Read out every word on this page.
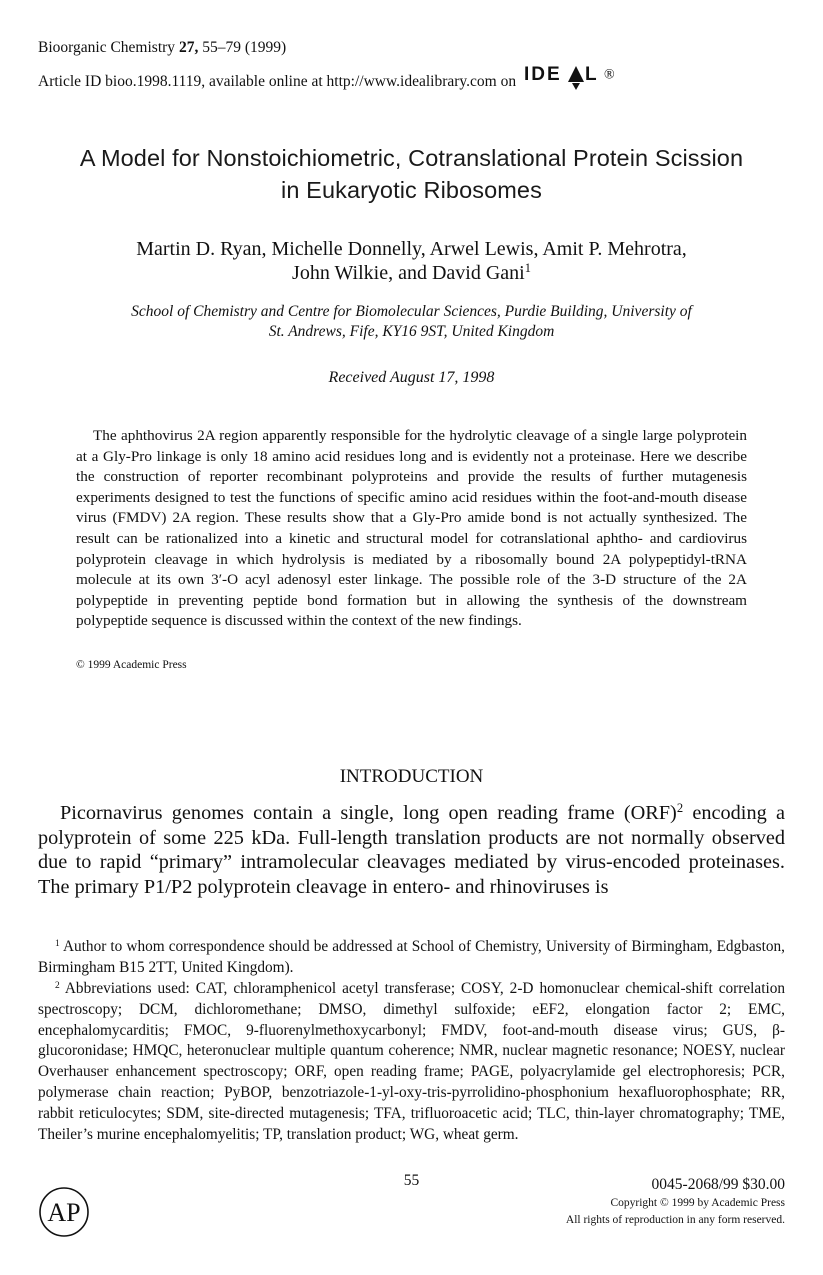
Bioorganic Chemistry 27, 55–79 (1999)
Article ID bioo.1998.1119, available online at http://www.idealibrary.com on IDE L ®
A Model for Nonstoichiometric, Cotranslational Protein Scission
in Eukaryotic Ribosomes
Martin D. Ryan, Michelle Donnelly, Arwel Lewis, Amit P. Mehrotra,
John Wilkie, and David Gani$^1$
School of Chemistry and Centre for Biomolecular Sciences, Purdie Building, University of
St. Andrews, Fife, KY16 9ST, United Kingdom
Received August 17, 1998
The aphthovirus 2A region apparently responsible for the hydrolytic cleavage of a single large polyprotein at a Gly-Pro linkage is only 18 amino acid residues long and is evidently not a proteinase. Here we describe the construction of reporter recombinant polyproteins and provide the results of further mutagenesis experiments designed to test the functions of specific amino acid residues within the foot-and-mouth disease virus (FMDV) 2A region. These results show that a Gly-Pro amide bond is not actually synthesized. The result can be rationalized into a kinetic and structural model for cotranslational aphtho- and cardiovirus polyprotein cleavage in which hydrolysis is mediated by a ribosomally bound 2A polypeptidyl-tRNA molecule at its own 3′-O acyl adenosyl ester linkage. The possible role of the 3-D structure of the 2A polypeptide in preventing peptide bond formation but in allowing the synthesis of the downstream polypeptide sequence is discussed within the context of the new findings.
© 1999 Academic Press
INTRODUCTION
Picornavirus genomes contain a single, long open reading frame (ORF)$^2$ encoding a polyprotein of some 225 kDa. Full-length translation products are not normally observed due to rapid “primary” intramolecular cleavages mediated by virus-encoded proteinases. The primary P1/P2 polyprotein cleavage in entero- and rhinoviruses is
$^1$ Author to whom correspondence should be addressed at School of Chemistry, University of Birmingham, Edgbaston, Birmingham B15 2TT, United Kingdom).
$^2$ Abbreviations used: CAT, chloramphenicol acetyl transferase; COSY, 2-D homonuclear chemical-shift correlation spectroscopy; DCM, dichloromethane; DMSO, dimethyl sulfoxide; eEF2, elongation factor 2; EMC, encephalomycarditis; FMOC, 9-fluorenylmethoxycarbonyl; FMDV, foot-and-mouth disease virus; GUS, β-glucoronidase; HMQC, heteronuclear multiple quantum coherence; NMR, nuclear magnetic resonance; NOESY, nuclear Overhauser enhancement spectroscopy; ORF, open reading frame; PAGE, polyacrylamide gel electrophoresis; PCR, polymerase chain reaction; PyBOP, benzotriazole-1-yl-oxy-tris-pyrrolidino-phosphonium hexafluorophosphate; RR, rabbit reticulocytes; SDM, site-directed mutagenesis; TFA, trifluoroacetic acid; TLC, thin-layer chromatography; TME, Theiler’s murine encephalomyelitis; TP, translation product; WG, wheat germ.
55	0045-2068/99 $30.00
Copyright © 1999 by Academic Press
All rights of reproduction in any form reserved.
AP
